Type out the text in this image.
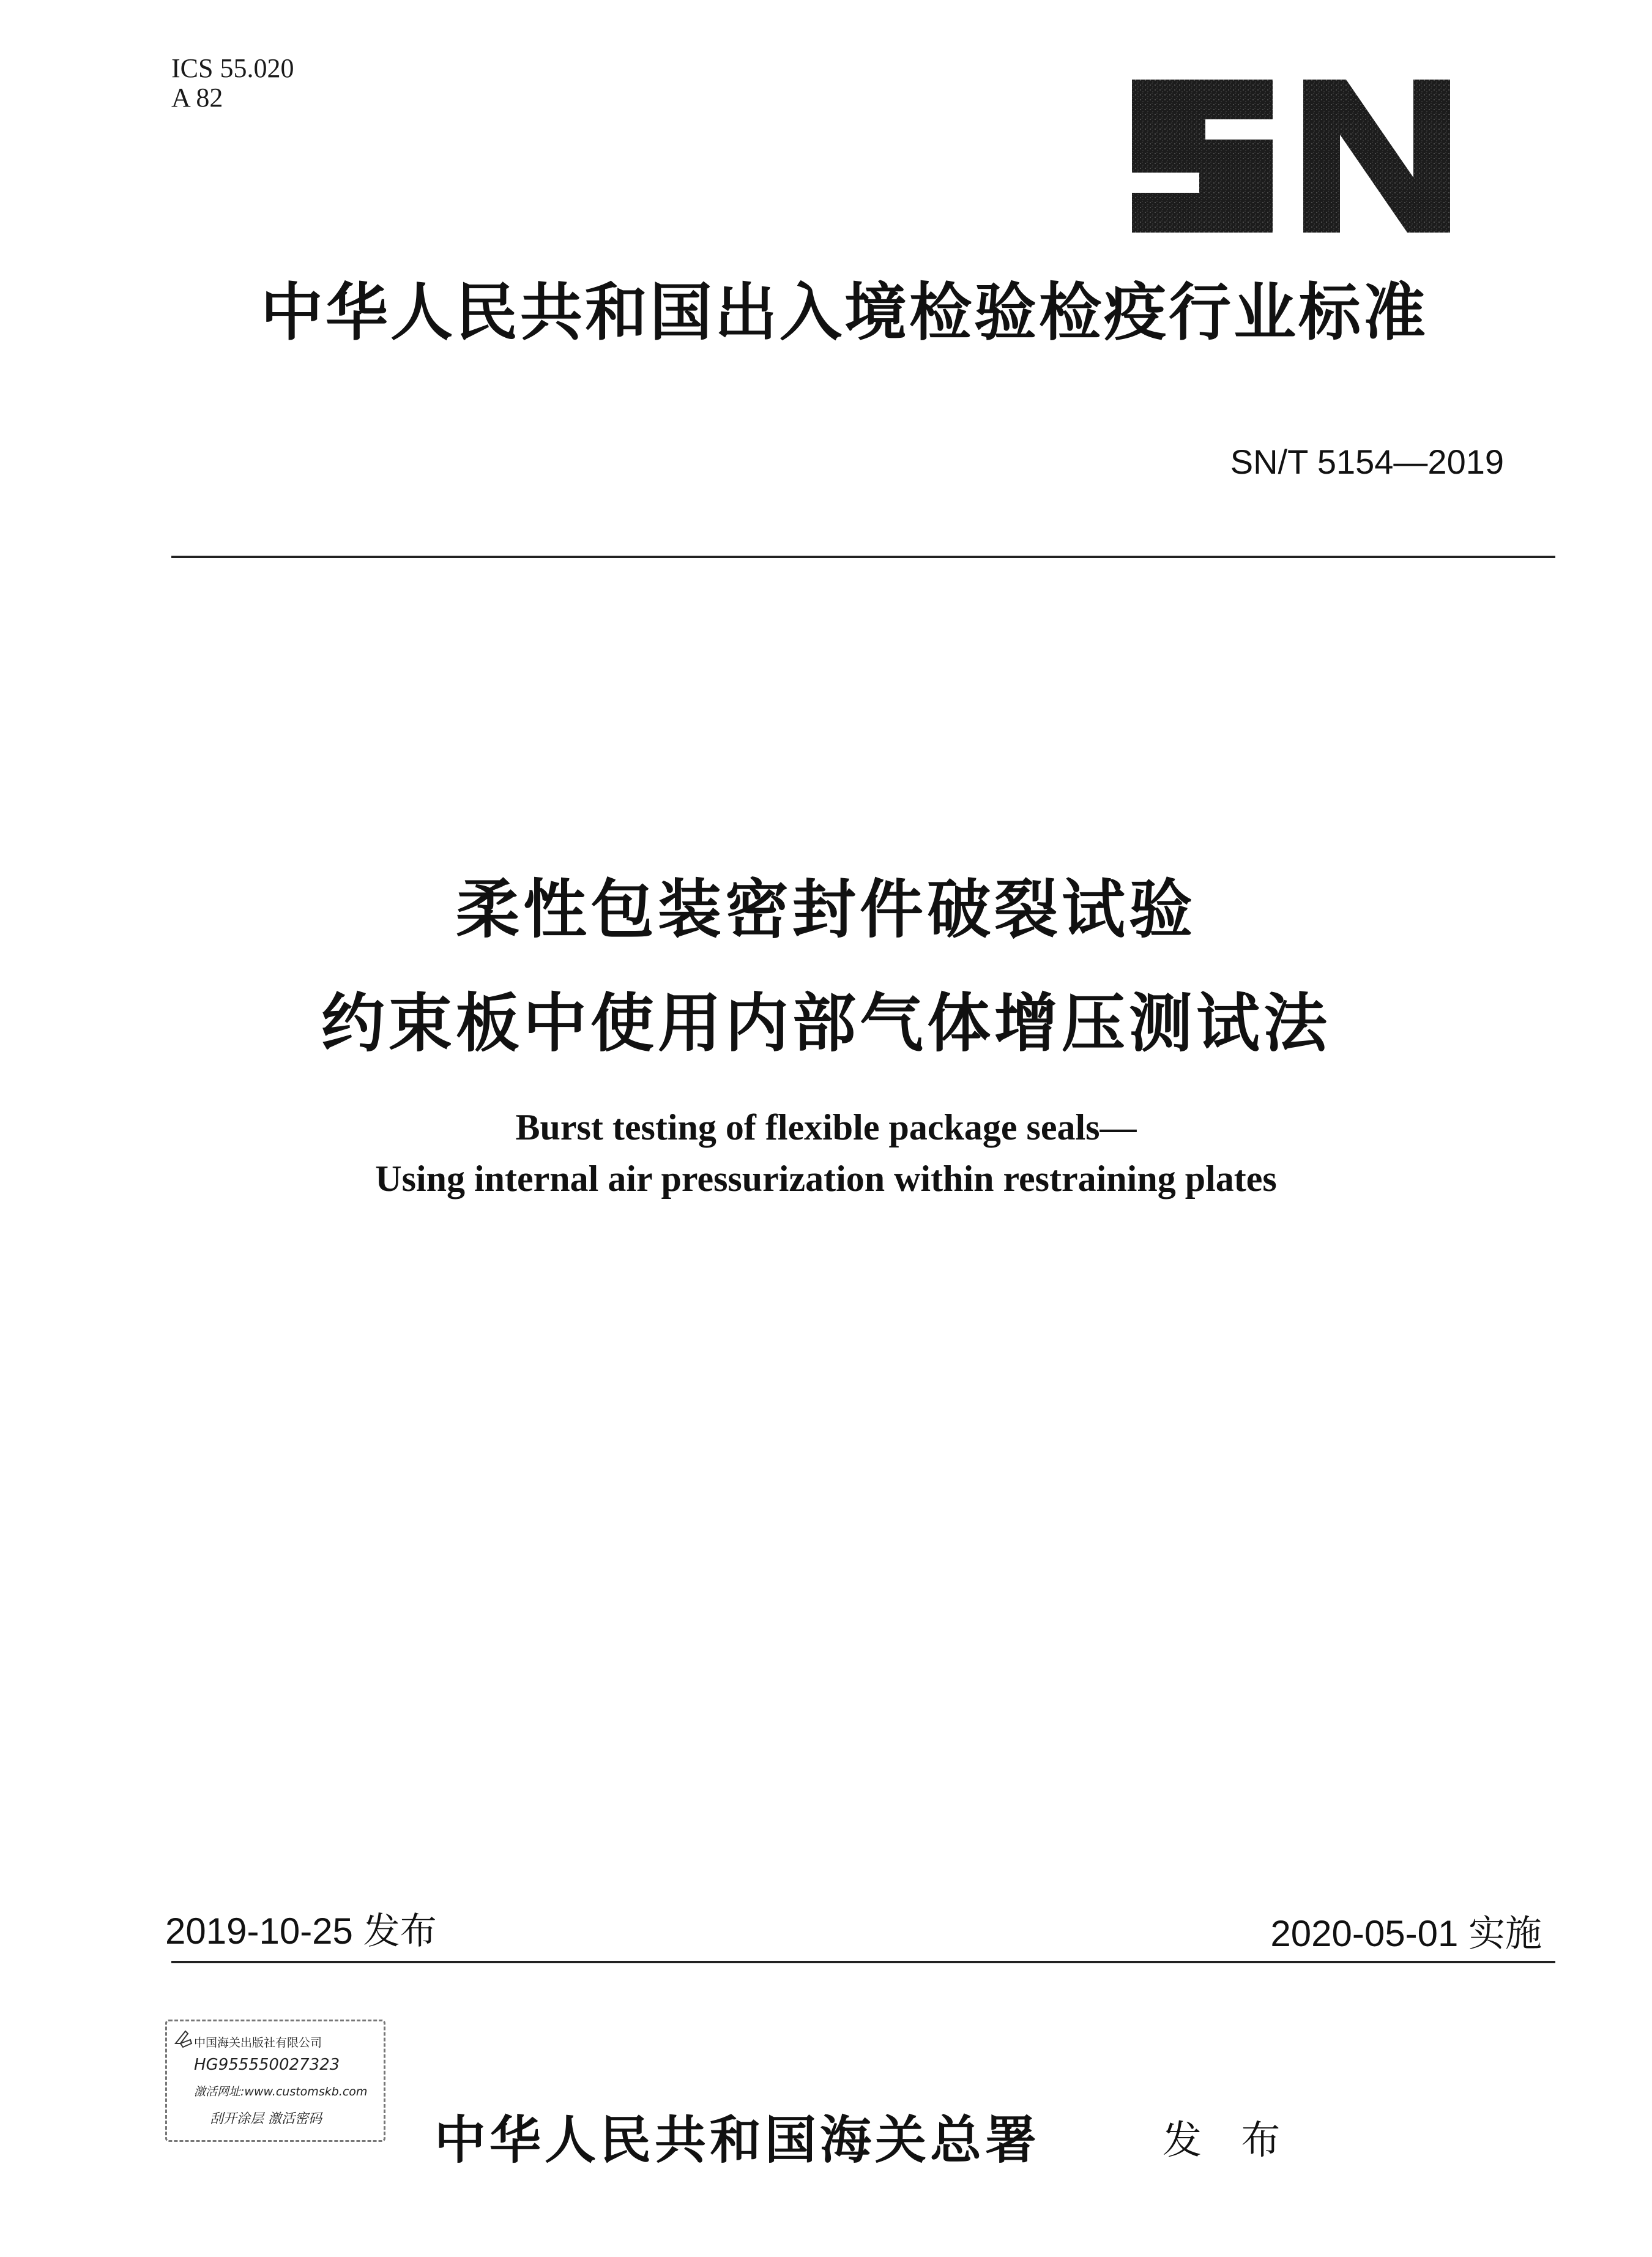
ICS 55.020
A 82
中华人民共和国出入境检验检疫行业标准
SN/T 5154—2019
柔性包装密封件破裂试验
约束板中使用内部气体增压测试法
Burst testing of flexible package seals—
Using internal air pressurization within restraining plates
2019-10-25 发布	2020-05-01 实施
中国海关出版社有限公司
HG955550027323
激活网址:www.customskb.com
刮开涂层 激活密码 中华人民共和国海关总署	发 布
